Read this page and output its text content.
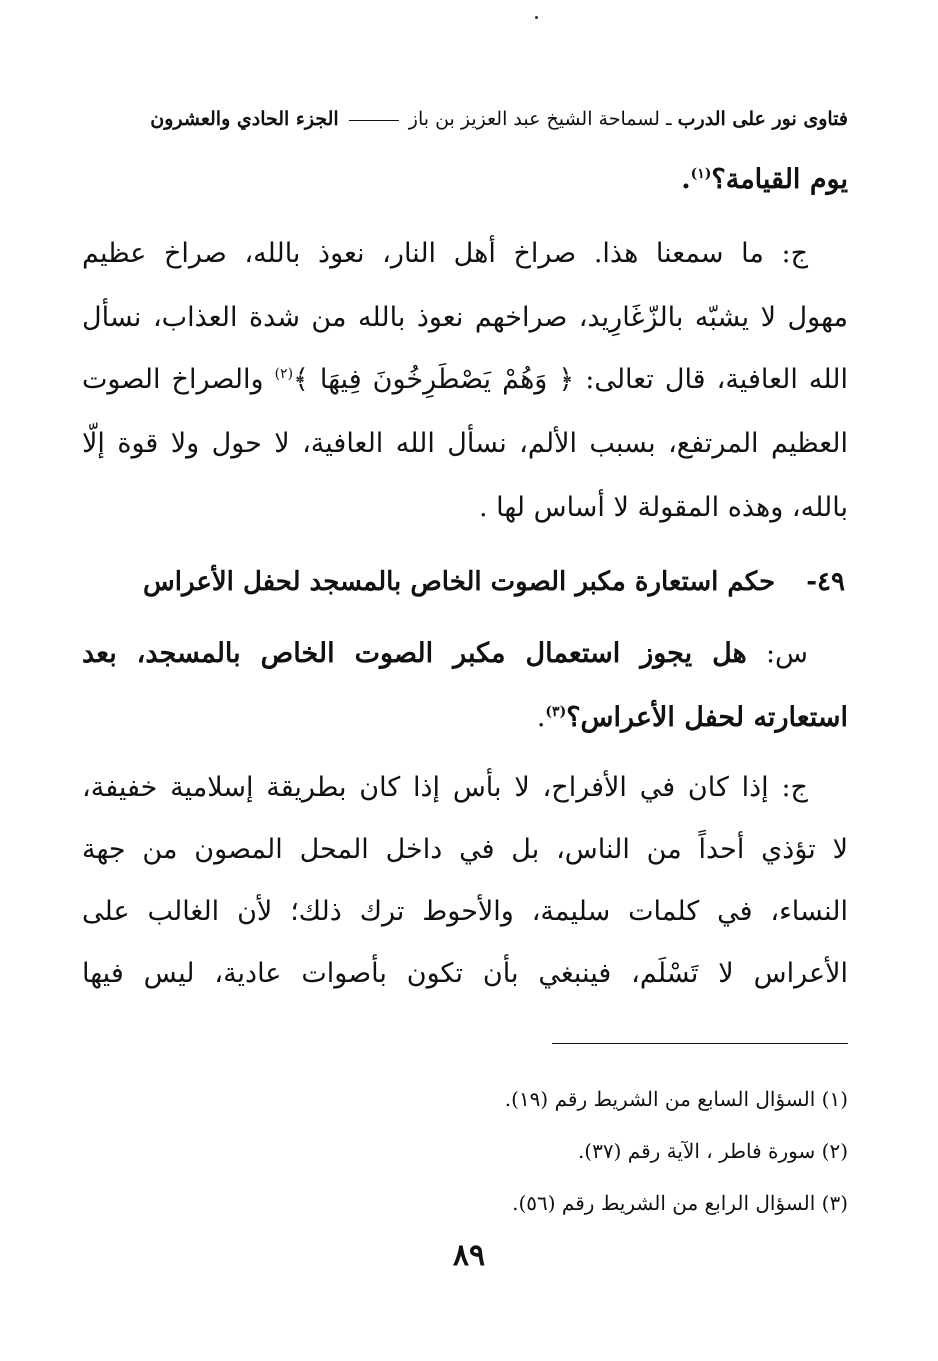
فتاوى نور على الدرب ـ لسماحة الشيخ عبد العزيز بن باز  الجزء الحادي والعشرون
يوم القيامة؟$^{(١)}$.
ج: ما سمعنا هذا. صراخ أهل النار، نعوذ بالله، صراخ عظيم
مهول لا يشبّه بالزّغَارِيد، صراخهم نعوذ بالله من شدة العذاب، نسأل
الله العافية، قال تعالى: ﴿ وَهُمْ يَصْطَرِخُونَ فِيهَا ﴾$^{(٢)}$ والصراخ الصوت
العظيم المرتفع، بسبب الألم، نسأل الله العافية، لا حول ولا قوة إلّا
بالله، وهذه المقولة لا أساس لها .
٤٩- حكم استعارة مكبر الصوت الخاص بالمسجد لحفل الأعراس
س: هل يجوز استعمال مكبر الصوت الخاص بالمسجد، بعد
استعارته لحفل الأعراس؟$^{(٣)}$.
ج: إذا كان في الأفراح، لا بأس إذا كان بطريقة إسلامية خفيفة،
لا تؤذي أحداً من الناس، بل في داخل المحل المصون من جهة
النساء، في كلمات سليمة، والأحوط ترك ذلك؛ لأن الغالب على
الأعراس لا تَسْلَم، فينبغي بأن تكون بأصوات عادية، ليس فيها
(١) السؤال السابع من الشريط رقم (١٩).
(٢) سورة فاطر ، الآية رقم (٣٧).
(٣) السؤال الرابع من الشريط رقم (٥٦).
٨٩
